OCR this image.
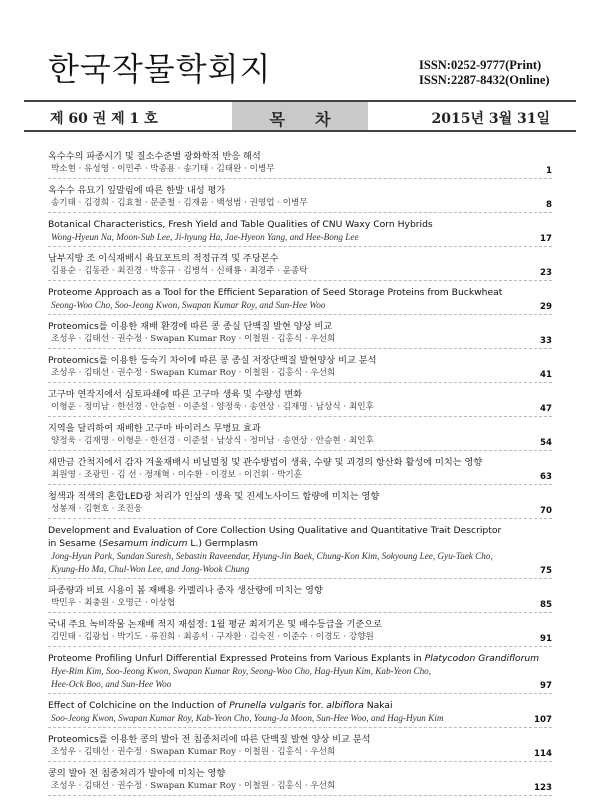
한국작물학회지	ISSN:0252-9777(Print)
ISSN:2287-8432(Online)
제 60 권 제 1 호	목차	2015년 3월 31일
옥수수의 파종시기 및 질소수준별 광화학적 반응 해석
박소현 · 유성영 · 이민주 · 박종용 · 송기태 · 김태완 · 이병무	1
옥수수 유묘기 잎말림에 따른 한발 내성 평가
송기태 · 김경희 · 김효철 · 문준철 · 김재윤 · 백성범 · 권영업 · 이병무	8
Botanical Characteristics, Fresh Yield and Table Qualities of CNU Waxy Corn Hybrids
Wong-Hyeun Na, Moon-Sub Lee, Ji-hyung Ha, Jae-Hyeon Yang, and Hee-Bong Lee	17
남부지방 조 이식재배시 육묘포트의 적정규격 및 주당본수
김용순 · 김동관 · 최진경 · 박홍규 · 김병석 · 신해룡 · 최경주 · 윤종탁	23
Proteome Approach as a Tool for the Efficient Separation of Seed Storage Proteins from Buckwheat
Seong-Woo Cho, Soo-Jeong Kwon, Swapan Kumar Roy, and Sun-Hee Woo	29
Proteomics를 이용한 재배 환경에 따른 콩 종실 단백질 발현 양상 비교
조성우 · 김태선 · 권수정 · Swapan Kumar Roy · 이철원 · 김홍식 · 우선희	33
Proteomics를 이용한 등숙기 차이에 따른 콩 종실 저장단백질 발현양상 비교 분석
조성우 · 김태선 · 권수정 · Swapan Kumar Roy · 이철원 · 김홍식 · 우선희	41
고구마 연작지에서 심토파쇄에 따른 고구마 생육 및 수량성 변화
이형운 · 정미남 · 한선경 · 안승현 · 이준설 · 양정욱 · 송연상 · 김재명 · 남상식 · 최인후	47
지역을 달리하여 재배한 고구마 바이러스 무병묘 효과
양정욱 · 김재명 · 이형운 · 한선경 · 이준설 · 남상식 · 정미남 · 송연상 · 안승현 · 최인후	54
새만금 간척지에서 감자 겨울재배시 비닐멀칭 및 관수방법이 생육, 수량 및 괴경의 항산화 활성에 미치는 영향
최원영 · 조광민 · 김 선 · 정재혁 · 이수환 · 이경보 · 이건휘 · 박기훈	63
청색과 적색의 혼합LED광 처리가 인삼의 생육 및 진세노사이드 함량에 미치는 영향
성봉재 · 김현호 · 조진웅	70
Development and Evaluation of Core Collection Using Qualitative and Quantitative Trait Descriptor
in Sesame (Sesamum indicum L.) Germplasm
Jong-Hyun Park, Sundan Suresh, Sebastin Raveendar, Hyung-Jin Baek, Chung-Kon Kim, Sokyoung Lee, Gyu-Taek Cho,
Kyung-Ho Ma, Chul-Won Lee, and Jong-Wook Chung	75
파종량과 비료 시용이 봄 재배용 카멜리나 종자 생산량에 미치는 영향
박민우 · 최충원 · 오명근 · 이상협	85
국내 주요 녹비작물 논재배 적지 재설정: 1월 평균 최저기온 및 배수등급을 기준으로
김민태 · 김광섭 · 박기도 · 류진희 · 최종서 · 구자환 · 김숙진 · 이준수 · 이경도 · 강향원	91
Proteome Profiling Unfurl Differential Expressed Proteins from Various Explants in Platycodon Grandiflorum
Hye-Rim Kim, Soo-Jeong Kwon, Swapan Kumar Roy, Seong-Woo Cho, Hag-Hyun Kim, Kab-Yeon Cho,
Hee-Ock Boo, and Sun-Hee Woo	97
Effect of Colchicine on the Induction of Prunella vulgaris for. albiflora Nakai
Soo-Jeong Kwon, Swapan Kumar Roy, Kab-Yeon Cho, Young-Ja Moon, Sun-Hee Woo, and Hag-Hyun Kim	107
Proteomics를 이용한 콩의 발아 전 침종처리에 따른 단백질 발현 양상 비교 분석
조성우 · 김태선 · 권수정 · Swapan Kumar Roy · 이철원 · 김홍식 · 우선희	114
콩의 발아 전 침종처리가 발아에 미치는 영향
조성우 · 김태선 · 권수정 · Swapan Kumar Roy · 이철원 · 김홍식 · 우선희	123
